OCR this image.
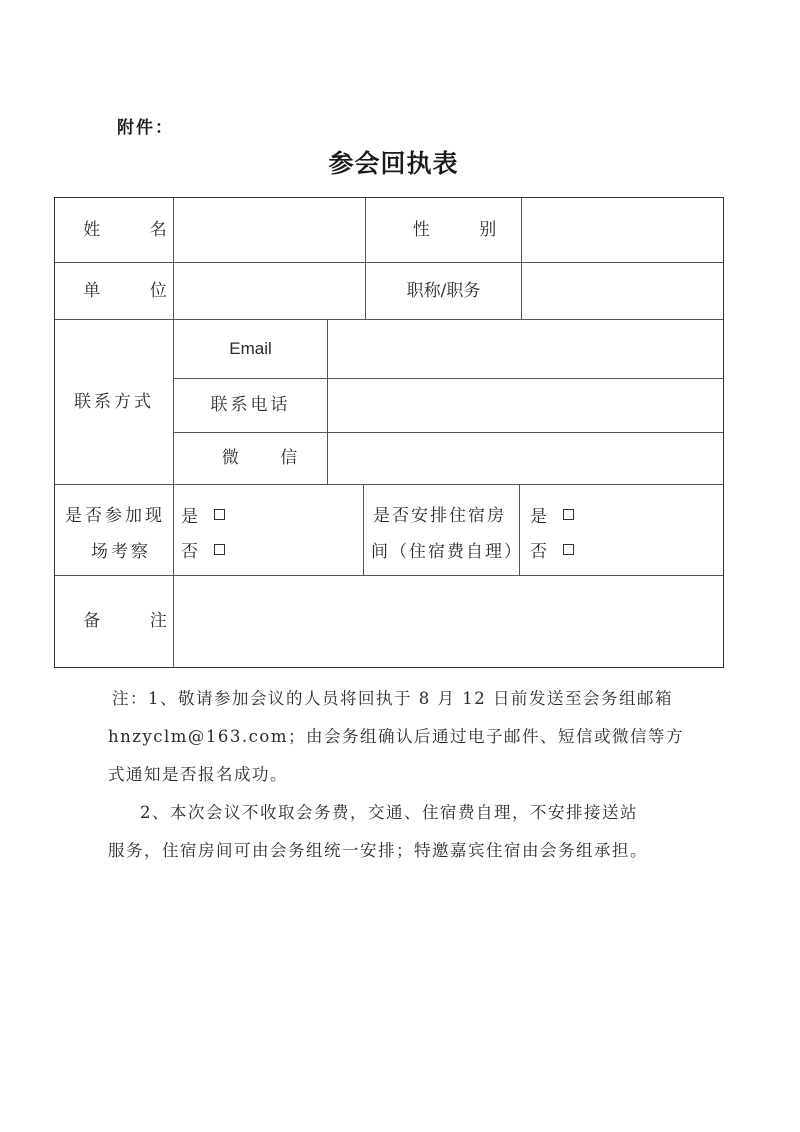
附件：
参会回执表
姓 名	性 别
单 位	职称/职务
联系方式
Email
联系电话
微 信
是否参加现
场考察
是
否
是否安排住宿房
间（住宿费自理）
是
否
备 注

注：1、敬请参加会议的人员将回执于 8 月 12 日前发送至会务组邮箱

hnzyclm@163.com；由会务组确认后通过电子邮件、短信或微信等方

式通知是否报名成功。

2、本次会议不收取会务费，交通、住宿费自理，不安排接送站

服务，住宿房间可由会务组统一安排；特邀嘉宾住宿由会务组承担。
